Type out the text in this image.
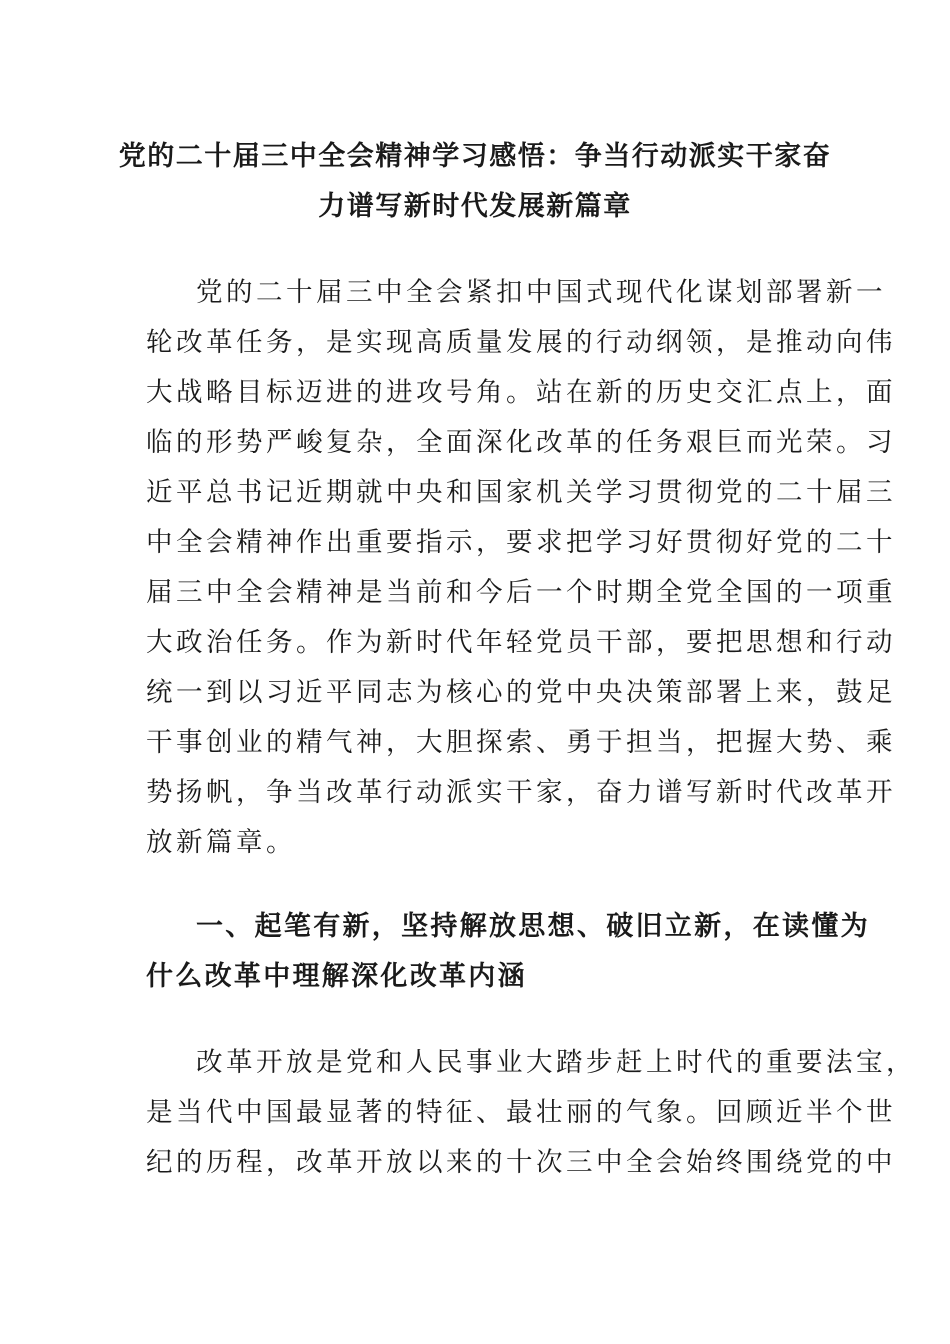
党的二十届三中全会精神学习感悟：争当行动派实干家奋
力谱写新时代发展新篇章
党的二十届三中全会紧扣中国式现代化谋划部署新一
轮改革任务，是实现高质量发展的行动纲领，是推动向伟
大战略目标迈进的进攻号角。站在新的历史交汇点上，面
临的形势严峻复杂，全面深化改革的任务艰巨而光荣。习
近平总书记近期就中央和国家机关学习贯彻党的二十届三
中全会精神作出重要指示，要求把学习好贯彻好党的二十
届三中全会精神是当前和今后一个时期全党全国的一项重
大政治任务。作为新时代年轻党员干部，要把思想和行动
统一到以习近平同志为核心的党中央决策部署上来，鼓足
干事创业的精气神，大胆探索、勇于担当，把握大势、乘
势扬帆，争当改革行动派实干家，奋力谱写新时代改革开
放新篇章。
一、起笔有新，坚持解放思想、破旧立新，在读懂为
什么改革中理解深化改革内涵
改革开放是党和人民事业大踏步赶上时代的重要法宝，
是当代中国最显著的特征、最壮丽的气象。回顾近半个世
纪的历程，改革开放以来的十次三中全会始终围绕党的中
